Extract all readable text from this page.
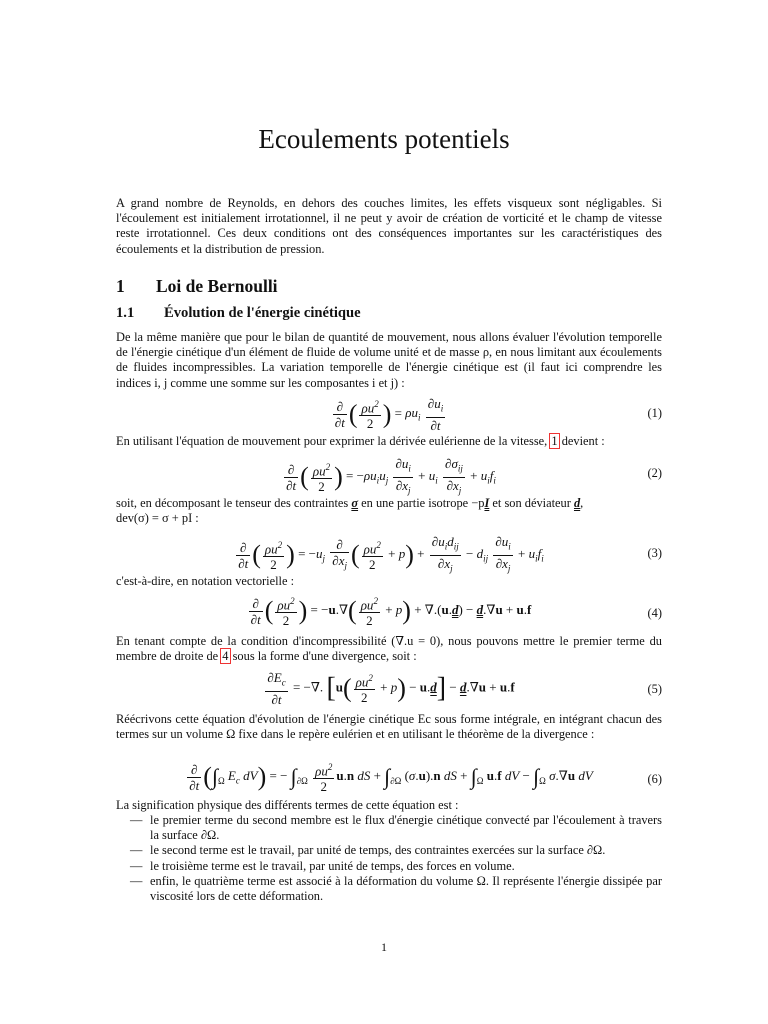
Ecoulements potentiels

A grand nombre de Reynolds, en dehors des couches limites, les effets visqueux sont négligables. Si l'écoulement est initialement irrotationnel, il ne peut y avoir de création de vorticité et le champ de vitesse reste irrotationnel. Ces deux conditions ont des conséquences importantes sur les caractéristiques des écoulements et la distribution de pression.

1 Loi de Bernoulli
1.1 Évolution de l'énergie cinétique

De la même manière que pour le bilan de quantité de mouvement, nous allons évaluer l'évolution temporelle de l'énergie cinétique d'un élément de fluide de volume unité et de masse ρ, en nous limitant aux écoulements de fluides incompressibles. La variation temporelle de l'énergie cinétique est (il faut ici comprendre les indices i, j comme une somme sur les composantes i et j) :

$\frac{\partial}{\partial t}$ ( $\frac{\rho u^2}{2}$ ) = $\rho u_i \frac{\partial u_i}{\partial t}$	(1)

En utilisant l'équation de mouvement pour exprimer la dérivée eulérienne de la vitesse, 1 devient :

$\frac{\partial}{\partial t}$ ( $\frac{\rho u^2}{2}$ ) = $-\rho u_iu_j \frac{\partial u_i}{\partial x_j} + u_i \frac{\partial\sigma_{ij}}{\partial x_j} + u_if_i$
(2)

soit, en décomposant le tenseur des contraintes σ en une partie isotrope −pI et son déviateur d,
dev(σ) = σ + pI :

$\frac{\partial}{\partial t}$ ( $\frac{\rho u^2}{2}$ ) = $-u_j \frac{\partial}{\partial x_j}$ ( $\frac{\rho u^2}{2} + p) + \frac{\partial u_id_{ij}}{\partial x_j} - d_{ij} \frac{\partial u_i}{\partial x_j} + u_if_i$	(3)

c'est-à-dire, en notation vectorielle :

$\frac{\partial}{\partial t}$ ( $\frac{\rho u^2}{2}$ ) = $-u.\nabla( \frac{\rho u^2}{2} + p) + \nabla.(u.d) - d.\nabla u + u.f$	(4)

En tenant compte de la condition d'incompressibilité (∇.u = 0), nous pouvons mettre le premier terme du membre de droite de 4 sous la forme d'une divergence, soit :

$\frac{\partial E_c}{\partial t}$ = −∇. $[u( \frac{\rho u^2}{2} + p) - u.d] - d.\nabla u + u.f$	(5)

Réécrivons cette équation d'évolution de l'énergie cinétique Ec sous forme intégrale, en intégrant chacun des termes sur un volume Ω fixe dans le repère eulérien et en utilisant le théorème de la divergence :

$\frac{\partial}{\partial t} (\int_\Omega$ $E_c$ dV) = − $\int_{\partial\Omega} \frac{\rho u^2}{2} u.n$ dS + $\int_{\partial\Omega}$ (σ.u).n dS + $\int_\Omega$ u.f dV − $\int_\Omega$ σ.∇u dV	(6)

La signification physique des différents termes de cette équation est :

— le premier terme du second membre est le flux d'énergie cinétique convecté par l'écoulement à travers la surface ∂Ω.
— le second terme est le travail, par unité de temps, des contraintes exercées sur la surface ∂Ω.
— le troisième terme est le travail, par unité de temps, des forces en volume.
— enfin, le quatrième terme est associé à la déformation du volume Ω. Il représente l'énergie dissipée par viscosité lors de cette déformation.
1
